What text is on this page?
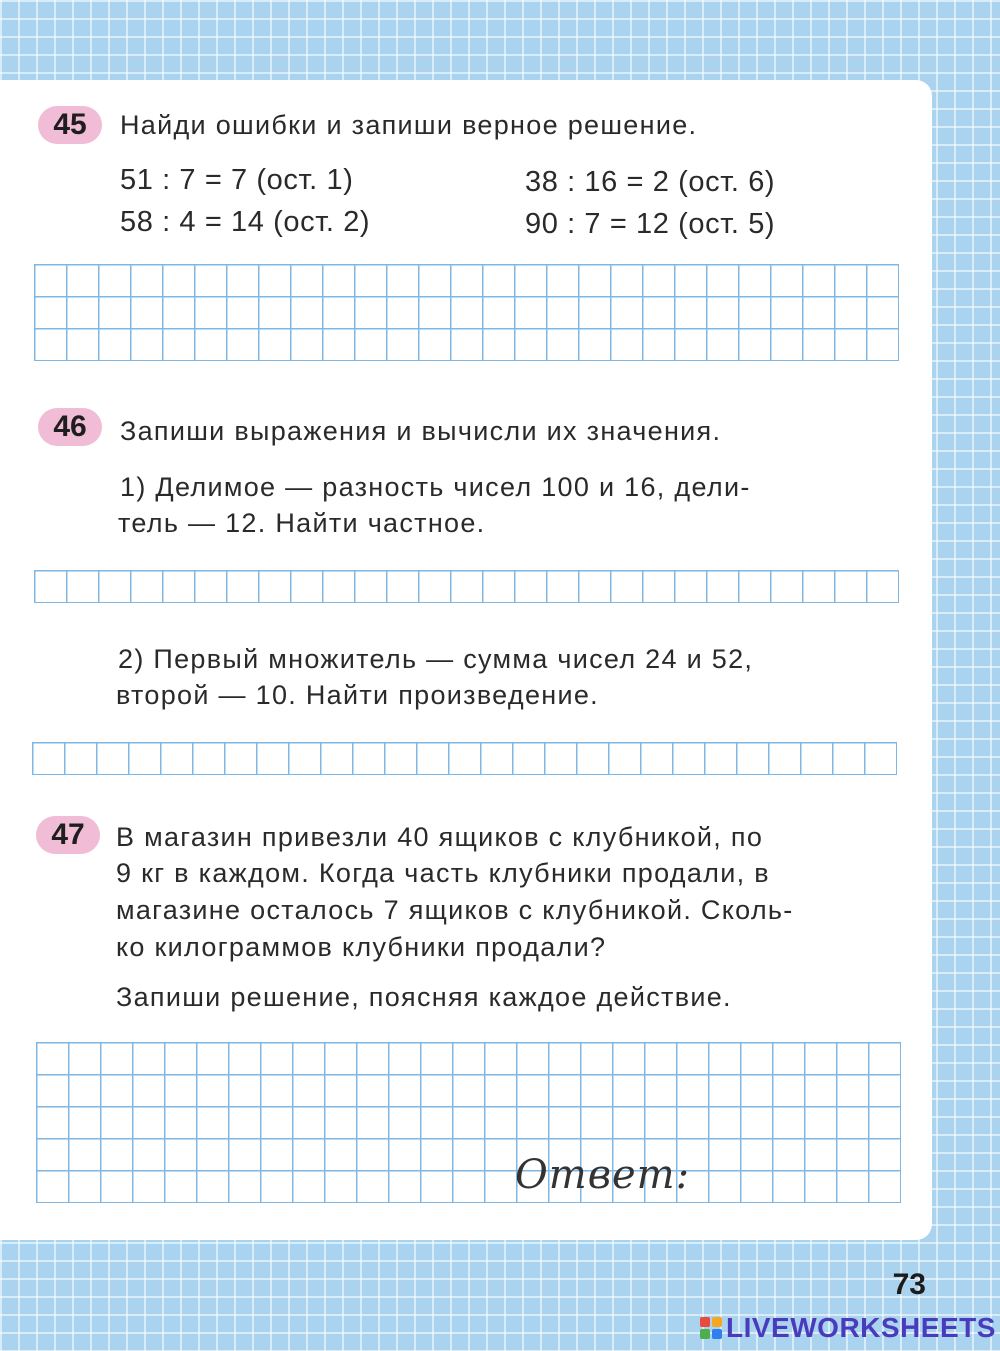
45	Найди ошибки и запиши верное решение.
51 : 7 = 7 (ост. 1)	38 : 16 = 2 (ост. 6)
58 : 4 = 14 (ост. 2)	90 : 7 = 12 (ост. 5)
46	Запиши выражения и вычисли их значения.
1) Делимое — разность чисел 100 и 16, дели-
тель — 12. Найти частное.
2) Первый множитель — сумма чисел 24 и 52,
второй — 10. Найти произведение.
47	В магазин привезли 40 ящиков с клубникой, по
9 кг в каждом. Когда часть клубники продали, в
магазине осталось 7 ящиков с клубникой. Сколь-
ко килограммов клубники продали?
Запиши решение, поясняя каждое действие.
Ответ:
73
LIVEWORKSHEETS
